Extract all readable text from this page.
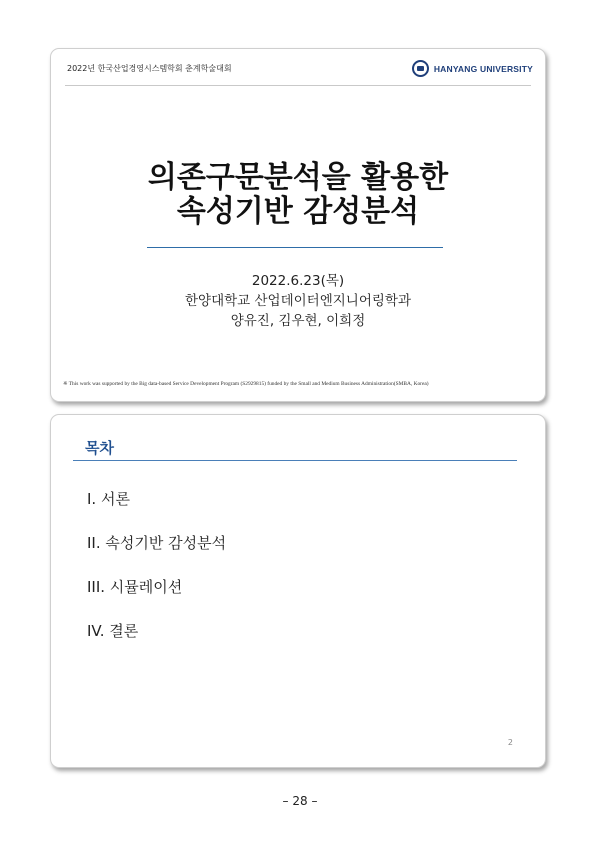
2022년 한국산업경영시스템학회 춘계학술대회	HANYANG UNIVERSITY
의존구문분석을 활용한
속성기반 감성분석
2022.6.23(목)
한양대학교 산업데이터엔지니어링학과
양유진, 김우현, 이희정
※ This work was supported by the Big data-based Service Development Program (S2929815) funded by the Small and Medium Business Administration(SMBA, Korea)
목차
I. 서론
II. 속성기반 감성분석
III. 시뮬레이션
IV. 결론
2
– 28 –
